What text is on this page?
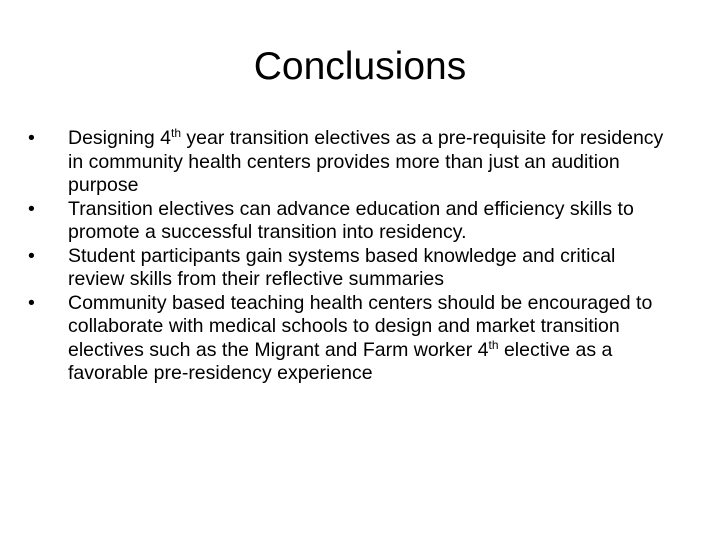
Conclusions
• Designing 4th year transition electives as a pre-requisite for residency in community health centers provides more than just an audition purpose
• Transition electives can advance education and efficiency skills to promote a successful transition into residency.
• Student participants gain systems based knowledge and critical review skills from their reflective summaries
• Community based teaching health centers should be encouraged to collaborate with medical schools to design and market transition electives such as the Migrant and Farm worker 4th elective as a favorable pre-residency experience
